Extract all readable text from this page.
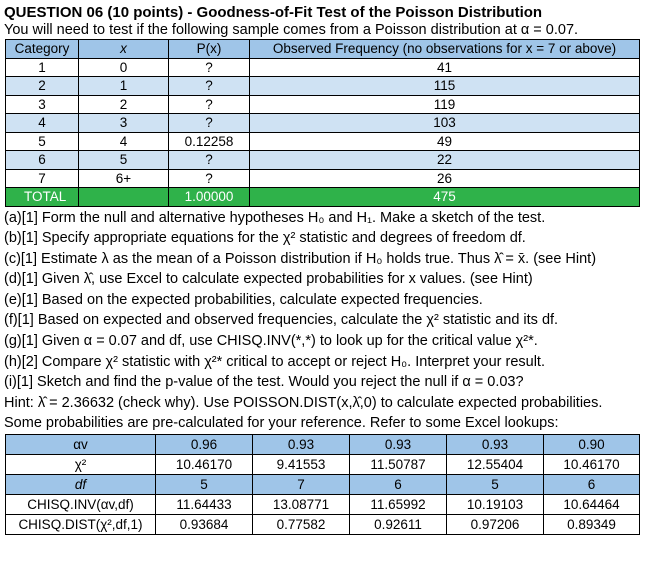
QUESTION 06 (10 points) - Goodness-of-Fit Test of the Poisson Distribution
You will need to test if the following sample comes from a Poisson distribution at α = 0.07.
Category	x	P(x)	Observed Frequency (no observations for x = 7 or above)
1	0	?	41
2	1	?	115
3	2	?	119
4	3	?	103
5	4	0.12258	49
6	5	?	22
7	6+	?	26
TOTAL		1.00000	475
(a)[1] Form the null and alternative hypotheses H₀ and H₁. Make a sketch of the test.
(b)[1] Specify appropriate equations for the χ² statistic and degrees of freedom df.
(c)[1] Estimate λ as the mean of a Poisson distribution if H₀ holds true. Thus λ̂ = x̄. (see Hint)
(d)[1] Given λ̂, use Excel to calculate expected probabilities for x values. (see Hint)
(e)[1] Based on the expected probabilities, calculate expected frequencies.
(f)[1] Based on expected and observed frequencies, calculate the χ² statistic and its df.
(g)[1] Given α = 0.07 and df, use CHISQ.INV(*,*) to look up for the critical value χ²*.
(h)[2] Compare χ² statistic with χ²* critical to accept or reject H₀. Interpret your result.
(i)[1] Sketch and find the p-value of the test. Would you reject the null if α = 0.03?
Hint: λ̂ = 2.36632 (check why). Use POISSON.DIST(x,λ̂,0) to calculate expected probabilities.
Some probabilities are pre-calculated for your reference. Refer to some Excel lookups:
αv	0.96	0.93	0.93	0.93	0.90
χ²	10.46170	9.41553	11.50787	12.55404	10.46170
df	5	7	6	5	6
CHISQ.INV(αv,df)	11.64433	13.08771	11.65992	10.19103	10.64464
CHISQ.DIST(χ²,df,1)	0.93684	0.77582	0.92611	0.97206	0.89349
